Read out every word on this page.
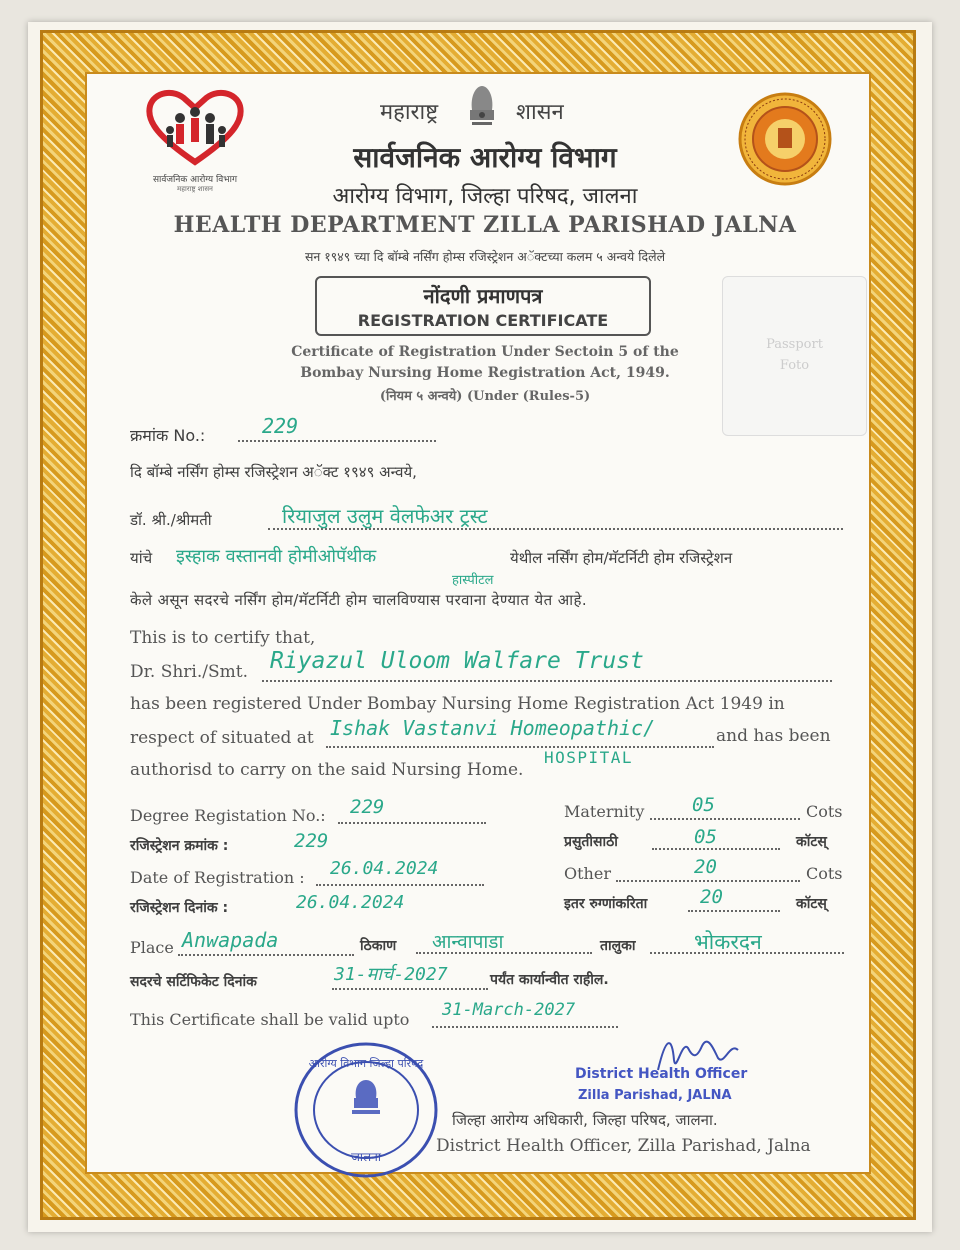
सार्वजनिक आरोग्य विभाग
महाराष्ट्र शासन
महाराष्ट्र	शासन
सार्वजनिक आरोग्य विभाग
आरोग्य विभाग, जिल्हा परिषद, जालना
HEALTH DEPARTMENT ZILLA PARISHAD JALNA
सन १९४९ च्या दि बॉम्बे नर्सिंग होम्स रजिस्ट्रेशन अॅक्टच्या कलम ५ अन्वये दिलेले
नोंदणी प्रमाणपत्र
REGISTRATION CERTIFICATE
Certificate of Registration Under Sectoin 5 of the
Bombay Nursing Home Registration Act, 1949.
(नियम ५ अन्वये) (Under (Rules-5)
Passport
Foto
क्रमांक No.:	229
दि बॉम्बे नर्सिंग होम्स रजिस्ट्रेशन अॅक्ट १९४९ अन्वये,
डॉ. श्री./श्रीमती	रियाजुल उलुम वेलफेअर ट्रस्ट
यांचे इस्हाक वस्तानवी होमीओपॅथीक	येथील नर्सिंग होम/मॅटर्निटी होम रजिस्ट्रेशन
हास्पीटल
केले असून सदरचे नर्सिंग होम/मॅटर्निटी होम चालविण्यास परवाना देण्यात येत आहे.
This is to certify that,
Dr. Shri./Smt. Riyazul Uloom Walfare Trust
has been registered Under Bombay Nursing Home Registration Act 1949 in
respect of situated at Ishak Vastanvi Homeopathic/	and has been
authorisd to carry on the said Nursing Home.
HOSPITAL
Degree Registation No.: 229
रजिस्ट्रेशन क्रमांक :	229
Date of Registration : 26.04.2024
रजिस्ट्रेशन दिनांक :	26.04.2024
Maternity	05	Cots
प्रसुतीसाठी	05	कॉटस्
Other	20	Cots
इतर रुग्णांकरिता	20	कॉटस्
Place Anwapada	ठिकाण आन्वापाडा	तालुका	भोकरदन
सदरचे सर्टिफिकेट दिनांक	31-मार्च-2027	पर्यंत कार्यान्वीत राहील.
This Certificate shall be valid upto 31-March-2027
आरोग्य विभाग जिल्हा परिषद
जालना
District Health Officer
Zilla Parishad, JALNA
जिल्हा आरोग्य अधिकारी, जिल्हा परिषद, जालना.
District Health Officer, Zilla Parishad, Jalna
